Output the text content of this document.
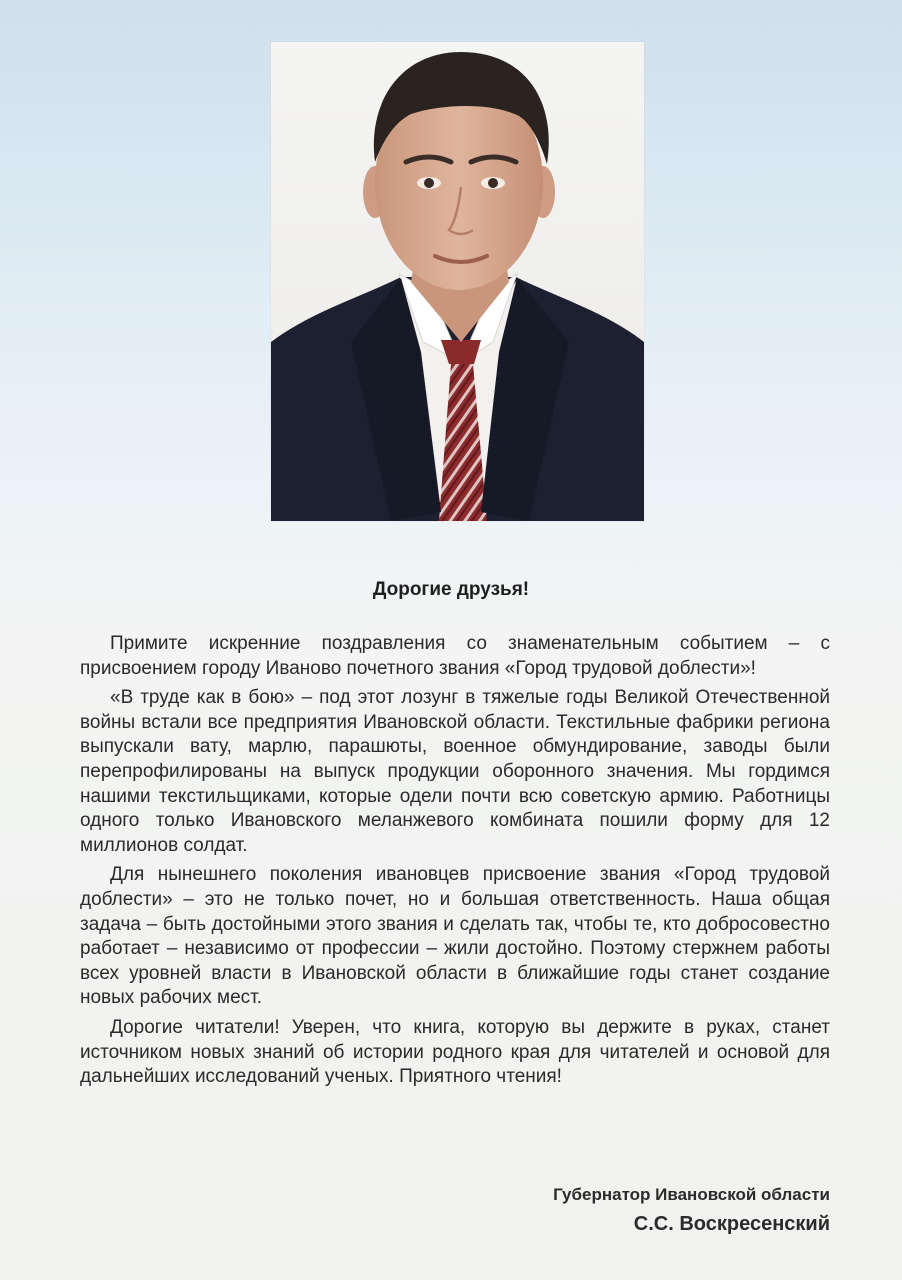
Дорогие друзья!

Примите искренние поздравления со знаменательным событием – с присвоением городу Иваново почетного звания «Город трудовой доблести»!

«В труде как в бою» – под этот лозунг в тяжелые годы Великой Отечественной войны встали все предприятия Ивановской области. Текстильные фабрики региона выпускали вату, марлю, парашюты, военное обмундирование, заводы были перепрофилированы на выпуск продукции оборонного значения. Мы гордимся нашими текстильщиками, которые одели почти всю советскую армию. Работницы одного только Ивановского меланжевого комбината пошили форму для 12 миллионов солдат.

Для нынешнего поколения ивановцев присвоение звания «Город трудовой доблести» – это не только почет, но и большая ответственность. Наша общая задача – быть достойными этого звания и сделать так, чтобы те, кто добросовестно работает – независимо от профессии – жили достойно. Поэтому стержнем работы всех уровней власти в Ивановской области в ближайшие годы станет создание новых рабочих мест.

Дорогие читатели! Уверен, что книга, которую вы держите в руках, станет источником новых знаний об истории родного края для читателей и основой для дальнейших исследований ученых. Приятного чтения!

Губернатор Ивановской области
С.С. Воскресенский
